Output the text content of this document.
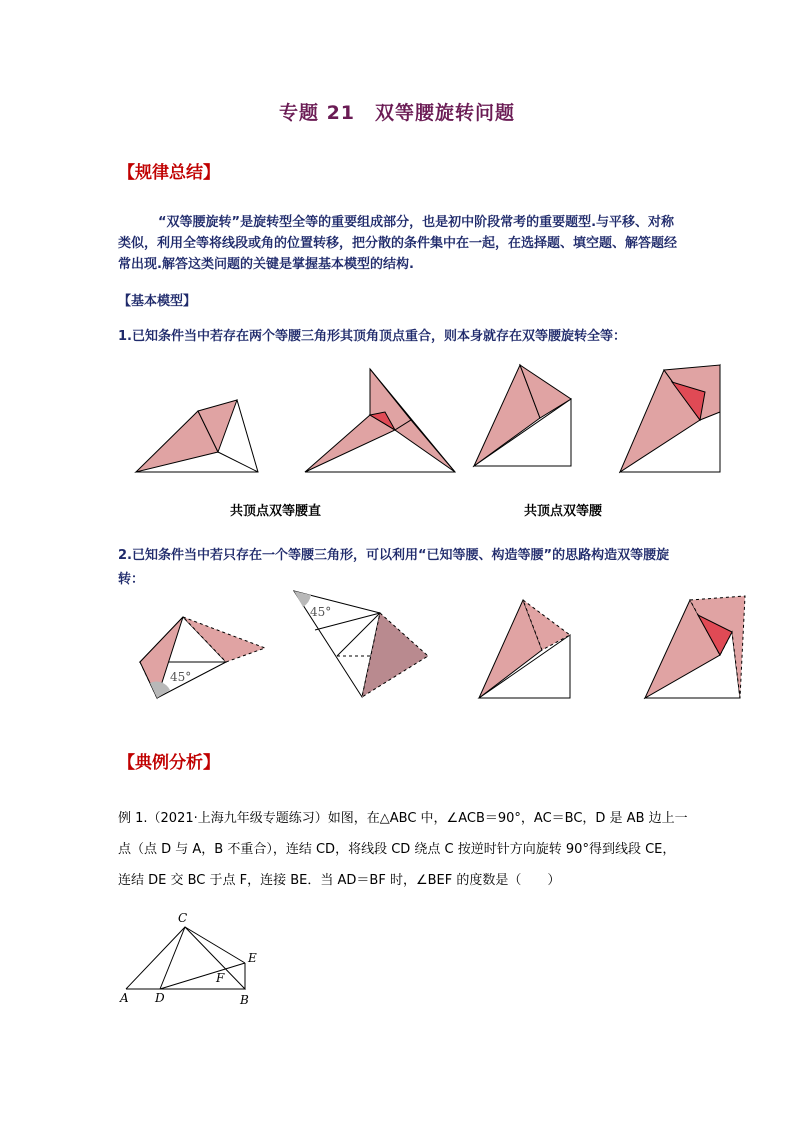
专题 21　双等腰旋转问题
【规律总结】
“双等腰旋转”是旋转型全等的重要组成部分，也是初中阶段常考的重要题型.与平移、对称类似，利用全等将线段或角的位置转移，把分散的条件集中在一起，在选择题、填空题、解答题经常出现.解答这类问题的关键是掌握基本模型的结构.
【基本模型】
1.已知条件当中若存在两个等腰三角形其顶角顶点重合，则本身就存在双等腰旋转全等：
45°
45°
C
E
F
A D	B
共顶点双等腰直	共顶点双等腰
2.已知条件当中若只存在一个等腰三角形，可以利用“已知等腰、构造等腰”的思路构造双等腰旋转：
【典例分析】
例 1.（2021·上海九年级专题练习）如图，在△ABC 中，∠ACB＝90°，AC＝BC，D 是 AB 边上一点（点 D 与 A，B 不重合），连结 CD，将线段 CD 绕点 C 按逆时针方向旋转 90°得到线段 CE，连结 DE 交 BC 于点 F，连接 BE．当 AD＝BF 时，∠BEF 的度数是（　　）
